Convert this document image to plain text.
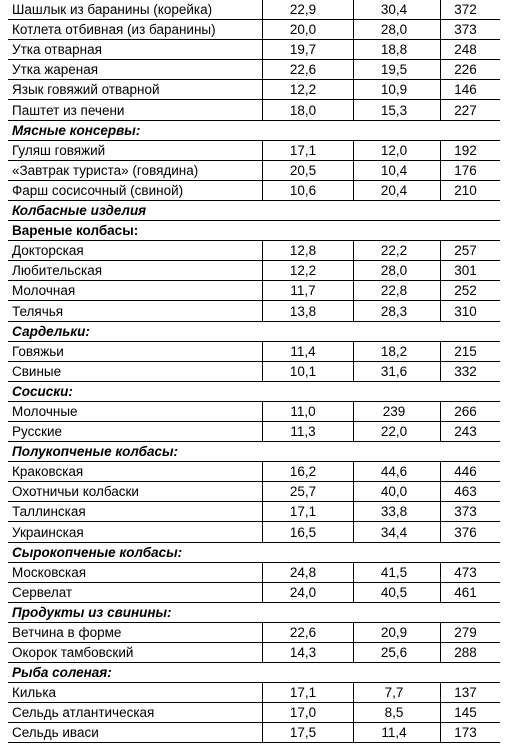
Шашлык из баранины (корейка)	22,9	30,4	372
Котлета отбивная (из баранины)	20,0	28,0	373
Утка отварная	19,7	18,8	248
Утка жареная	22,6	19,5	226
Язык говяжий отварной	12,2	10,9	146
Паштет из печени	18,0	15,3	227
Мясные консервы:			
Гуляш говяжий	17,1	12,0	192
«Завтрак туриста» (говядина)	20,5	10,4	176
Фарш сосисочный (свиной)	10,6	20,4	210
Колбасные изделия			
Вареные колбасы:			
Докторская	12,8	22,2	257
Любительская	12,2	28,0	301
Молочная	11,7	22,8	252
Телячья	13,8	28,3	310
Сардельки:			
Говяжьи	11,4	18,2	215
Свиные	10,1	31,6	332
Сосиски:			
Молочные	11,0	239	266
Русские	11,3	22,0	243
Полукопченые колбасы:			
Краковская	16,2	44,6	446
Охотничьи колбаски	25,7	40,0	463
Таллинская	17,1	33,8	373
Украинская	16,5	34,4	376
Сырокопченые колбасы:			
Московская	24,8	41,5	473
Сервелат	24,0	40,5	461
Продукты из свинины:			
Ветчина в форме	22,6	20,9	279
Окорок тамбовский	14,3	25,6	288
Рыба соленая:			
Килька	17,1	7,7	137
Сельдь атлантическая	17,0	8,5	145
Сельдь иваси	17,5	11,4	173
